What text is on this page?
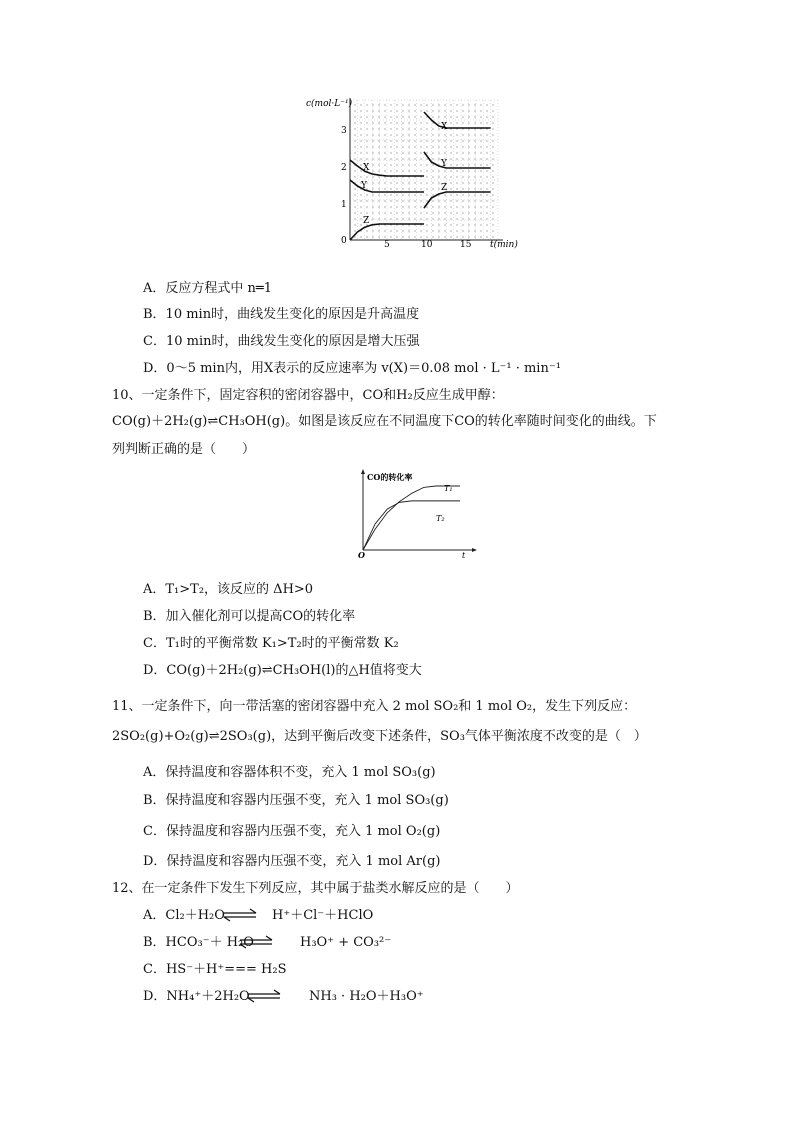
c(mol·L⁻¹)
t(min)
0
1
2
3
5	10	15
X
Y
Z
X
Y
Z
A．反应方程式中 n═1
B．10 min时，曲线发生变化的原因是升高温度
C．10 min时，曲线发生变化的原因是增大压强
D．0～5 min内，用X表示的反应速率为 v(X)＝0.08 mol · L⁻¹ · min⁻¹
10、一定条件下，固定容积的密闭容器中，CO和H₂反应生成甲醇：
CO(g)＋2H₂(g)⇌CH₃OH(g)。如图是该反应在不同温度下CO的转化率随时间变化的曲线。下
列判断正确的是（　　）
CO的转化率
T₁
T₂
O	t
A．T₁>T₂，该反应的 ΔH>0
B．加入催化剂可以提高CO的转化率
C．T₁时的平衡常数 K₁>T₂时的平衡常数 K₂
D．CO(g)＋2H₂(g)⇌CH₃OH(l)的△H值将变大
11、一定条件下，向一带活塞的密闭容器中充入 2 mol SO₂和 1 mol O₂，发生下列反应：
2SO₂(g)+O₂(g)⇌2SO₃(g)，达到平衡后改变下述条件，SO₃气体平衡浓度不改变的是（　）
A．保持温度和容器体积不变，充入 1 mol SO₃(g)
B．保持温度和容器内压强不变，充入 1 mol SO₃(g)
C．保持温度和容器内压强不变，充入 1 mol O₂(g)
D．保持温度和容器内压强不变，充入 1 mol Ar(g)
12、在一定条件下发生下列反应，其中属于盐类水解反应的是（　　）
A．Cl₂＋H₂O ⇌ H⁺＋Cl⁻＋HClO
B．HCO₃⁻＋ H₂O	H₃O⁺ + CO₃²⁻
C．HS⁻＋H⁺=== H₂S
D．NH₄⁺＋2H₂O	NH₃ · H₂O＋H₃O⁺
